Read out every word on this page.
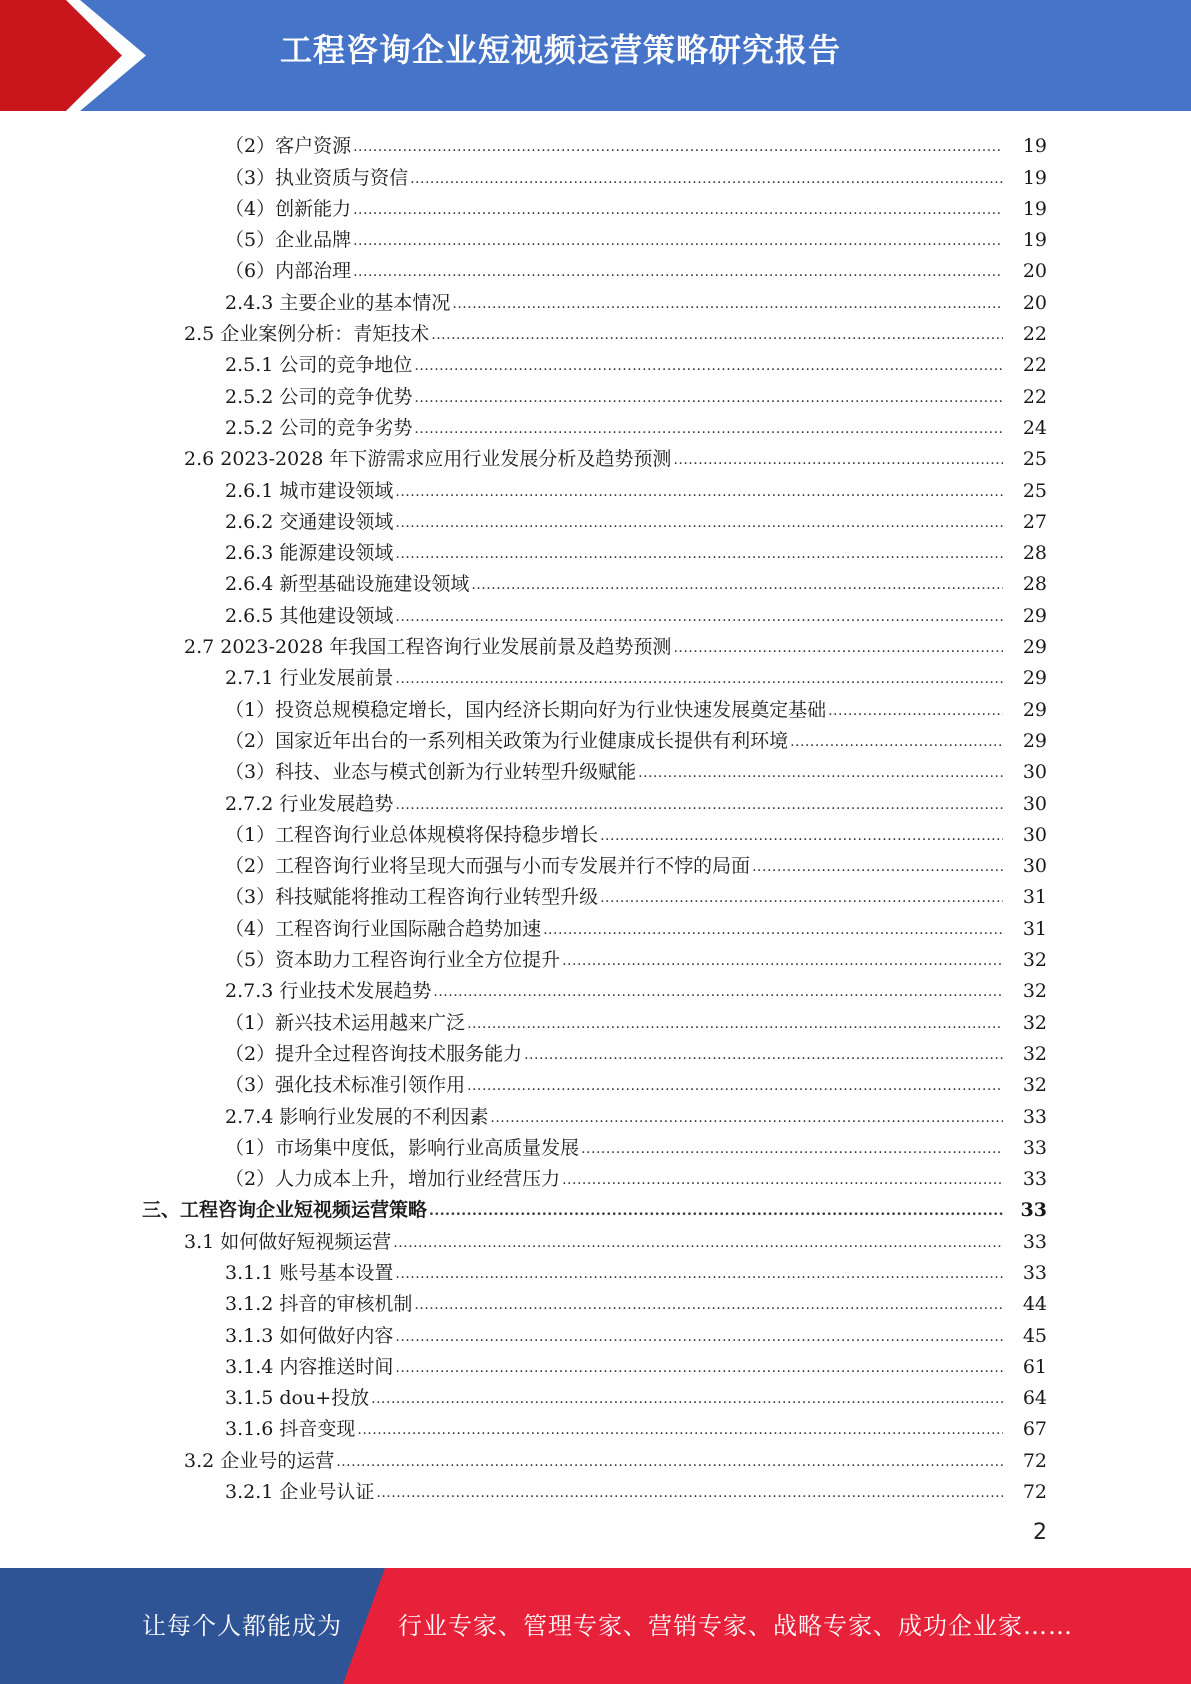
工程咨询企业短视频运营策略研究报告
（2）客户资源 .....	19
（3）执业资质与资信 .....	19
（4）创新能力 .....	19
（5）企业品牌 .....	19
（6）内部治理 .....	20
2.4.3 主要企业的基本情况 .....	20
2.5 企业案例分析：青矩技术 .....	22
2.5.1 公司的竞争地位 .....	22
2.5.2 公司的竞争优势 .....	22
2.5.2 公司的竞争劣势 .....	24
2.6 2023-2028 年下游需求应用行业发展分析及趋势预测 .....	25
2.6.1 城市建设领域 .....	25
2.6.2 交通建设领域 .....	27
2.6.3 能源建设领域 .....	28
2.6.4 新型基础设施建设领域 .....	28
2.6.5 其他建设领域 .....	29
2.7 2023-2028 年我国工程咨询行业发展前景及趋势预测 .....	29
2.7.1 行业发展前景 .....	29
（1）投资总规模稳定增长，国内经济长期向好为行业快速发展奠定基础 .....	29
（2）国家近年出台的一系列相关政策为行业健康成长提供有利环境 .....	29
（3）科技、业态与模式创新为行业转型升级赋能 .....	30
2.7.2 行业发展趋势 .....	30
（1）工程咨询行业总体规模将保持稳步增长 .....	30
（2）工程咨询行业将呈现大而强与小而专发展并行不悖的局面 .....	30
（3）科技赋能将推动工程咨询行业转型升级 .....	31
（4）工程咨询行业国际融合趋势加速 .....	31
（5）资本助力工程咨询行业全方位提升 .....	32
2.7.3 行业技术发展趋势 .....	32
（1）新兴技术运用越来广泛 .....	32
（2）提升全过程咨询技术服务能力 .....	32
（3）强化技术标准引领作用 .....	32
2.7.4 影响行业发展的不利因素 .....	33
（1）市场集中度低，影响行业高质量发展 .....	33
（2）人力成本上升，增加行业经营压力 .....	33
三、工程咨询企业短视频运营策略 .....	33
3.1 如何做好短视频运营 .....	33
3.1.1 账号基本设置 .....	33
3.1.2 抖音的审核机制 .....	44
3.1.3 如何做好内容 .....	45
3.1.4 内容推送时间 .....	61
3.1.5 dou+投放 .....	64
3.1.6 抖音变现 .....	67
3.2 企业号的运营 .....	72
3.2.1 企业号认证 .....	72
2
让每个人都能成为 行业专家、管理专家、营销专家、战略专家、成功企业家……
